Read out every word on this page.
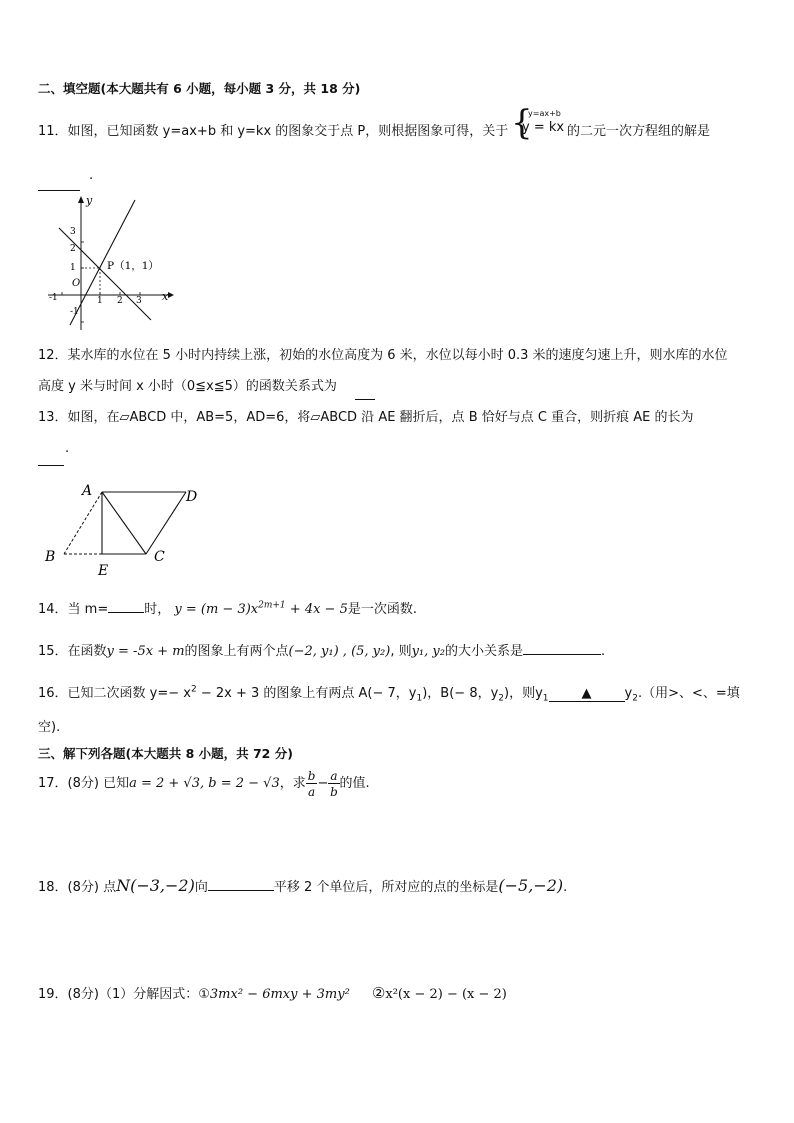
二、填空题(本大题共有 6 小题，每小题 3 分，共 18 分)
11．如图，已知函数 y=ax+b 和 y=kx 的图象交于点 P，则根据图象可得，关于 {
y=ax+b
y = kx 的二元一次方程组的解是
.
y
x
O
P（1，1）
3
2
1
-1
-1	1 2 3
12．某水库的水位在 5 小时内持续上涨，初始的水位高度为 6 米，水位以每小时 0.3 米的速度匀速上升，则水库的水位
高度 y 米与时间 x 小时（0≦x≦5）的函数关系式为
13．如图，在▱ABCD 中，AB=5，AD=6，将▱ABCD 沿 AE 翻折后，点 B 恰好与点 C 重合，则折痕 AE 的长为
.
A
B	C
D
E
14．当 m=	时， $y = (m - 3)x^{2m+1} + 4x - 5$是一次函数.
15．在函数y = -5x + m的图象上有两个点(−2, y₁) , (5, y₂), 则y₁, y₂的大小关系是	.
16．已知二次函数 $y=- x^2 - 2x + 3$ 的图象上有两点 A(− 7，$y_1$)，B(− 8，$y_2$)，则$y_1$	▲	$y_2$.（用>、<、=填
空).
三、解下列各题(本大题共 8 小题，共 72 分)
17．(8分) 已知a = 2 + √3, b = 2 − √3，求 $\frac{b}{a} - \frac{a}{b}$ 的值.
18．(8分) 点N(−3,−2)向	平移 2 个单位后，所对应的点的坐标是(−5,−2).
19．(8分)（1）分解因式：①3mx² − 6mxy + 3my² ②x²(x − 2) − (x − 2)
